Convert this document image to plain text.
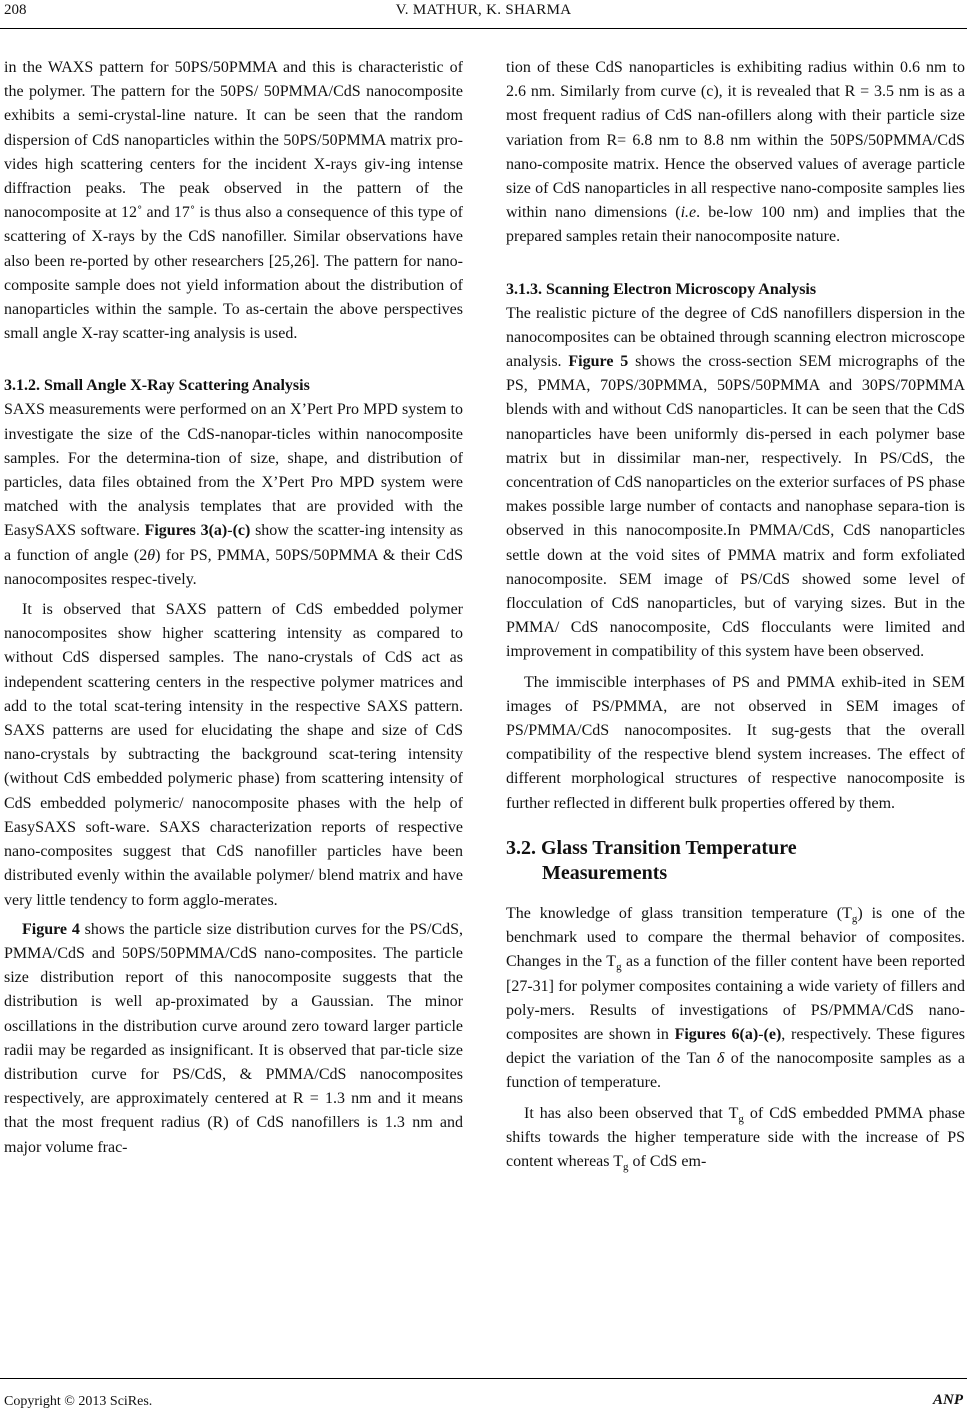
208	V. MATHUR, K. SHARMA

in the WAXS pattern for 50PS/50PMMA and this is characteristic of the polymer. The pattern for the 50PS/ 50PMMA/CdS nanocomposite exhibits a semi-crystal-line nature. It can be seen that the random dispersion of CdS nanoparticles within the 50PS/50PMMA matrix pro-vides high scattering centers for the incident X-rays giv-ing intense diffraction peaks. The peak observed in the pattern of the nanocomposite at 12˚ and 17˚ is thus also a consequence of this type of scattering of X-rays by the CdS nanofiller. Similar observations have also been re-ported by other researchers [25,26]. The pattern for nano-composite sample does not yield information about the distribution of nanoparticles within the sample. To as-certain the above perspectives small angle X-ray scatter-ing analysis is used.

3.1.2. Small Angle X-Ray Scattering Analysis

SAXS measurements were performed on an X’Pert Pro MPD system to investigate the size of the CdS-nanopar-ticles within nanocomposite samples. For the determina-tion of size, shape, and distribution of particles, data files obtained from the X’Pert Pro MPD system were matched with the analysis templates that are provided with the EasySAXS software. Figures 3(a)-(c) show the scatter-ing intensity as a function of angle (2θ) for PS, PMMA, 50PS/50PMMA & their CdS nanocomposites respec-tively.

It is observed that SAXS pattern of CdS embedded polymer nanocomposites show higher scattering intensity as compared to without CdS dispersed samples. The nano-crystals of CdS act as independent scattering centers in the respective polymer matrices and add to the total scat-tering intensity in the respective SAXS pattern. SAXS patterns are used for elucidating the shape and size of CdS nano-crystals by subtracting the background scat-tering intensity (without CdS embedded polymeric phase) from scattering intensity of CdS embedded polymeric/ nanocomposite phases with the help of EasySAXS soft-ware. SAXS characterization reports of respective nano-composites suggest that CdS nanofiller particles have been distributed evenly within the available polymer/ blend matrix and have very little tendency to form agglo-merates.

Figure 4 shows the particle size distribution curves for the PS/CdS, PMMA/CdS and 50PS/50PMMA/CdS nano-composites. The particle size distribution report of this nanocomposite suggests that the distribution is well ap-proximated by a Gaussian. The minor oscillations in the distribution curve around zero toward larger particle radii may be regarded as insignificant. It is observed that par-ticle size distribution curve for PS/CdS, & PMMA/CdS nanocomposites respectively, are approximately centered at R = 1.3 nm and it means that the most frequent radius (R) of CdS nanofillers is 1.3 nm and major volume frac-

tion of these CdS nanoparticles is exhibiting radius within 0.6 nm to 2.6 nm. Similarly from curve (c), it is revealed that R = 3.5 nm is as a most frequent radius of CdS nan-ofillers along with their particle size variation from R= 6.8 nm to 8.8 nm within the 50PS/50PMMA/CdS nano-composite matrix. Hence the observed values of average particle size of CdS nanoparticles in all respective nano-composite samples lies within nano dimensions (i.e. be-low 100 nm) and implies that the prepared samples retain their nanocomposite nature.

3.1.3. Scanning Electron Microscopy Analysis

The realistic picture of the degree of CdS nanofillers dispersion in the nanocomposites can be obtained through scanning electron microscope analysis. Figure 5 shows the cross-section SEM micrographs of the PS, PMMA, 70PS/30PMMA, 50PS/50PMMA and 30PS/70PMMA blends with and without CdS nanoparticles. It can be seen that the CdS nanoparticles have been uniformly dis-persed in each polymer base matrix but in dissimilar man-ner, respectively. In PS/CdS, the concentration of CdS nanoparticles on the exterior surfaces of PS phase makes possible large number of contacts and nanophase separa-tion is observed in this nanocomposite.In PMMA/CdS, CdS nanoparticles settle down at the void sites of PMMA matrix and form exfoliated nanocomposite. SEM image of PS/CdS showed some level of flocculation of CdS nanoparticles, but of varying sizes. But in the PMMA/ CdS nanocomposite, CdS flocculants were limited and improvement in compatibility of this system have been observed.

The immiscible interphases of PS and PMMA exhib-ited in SEM images of PS/PMMA, are not observed in SEM images of PS/PMMA/CdS nanocomposites. It sug-gests that the overall compatibility of the respective blend system increases. The effect of different morphological structures of respective nanocomposite is further reflected in different bulk properties offered by them.

3.2. Glass Transition Temperature
Measurements

The knowledge of glass transition temperature $(T_g)$ is one of the benchmark used to compare the thermal behavior of composites. Changes in the $T_g$ as a function of the filler content have been reported [27-31] for polymer composites containing a wide variety of fillers and poly-mers. Results of investigations of PS/PMMA/CdS nano-composites are shown in Figures 6(a)-(e), respectively. These figures depict the variation of the Tan δ of the nanocomposite samples as a function of temperature.

It has also been observed that $T_g$ of CdS embedded PMMA phase shifts towards the higher temperature side with the increase of PS content whereas $T_g$ of CdS em-

Copyright © 2013 SciRes.	ANP
